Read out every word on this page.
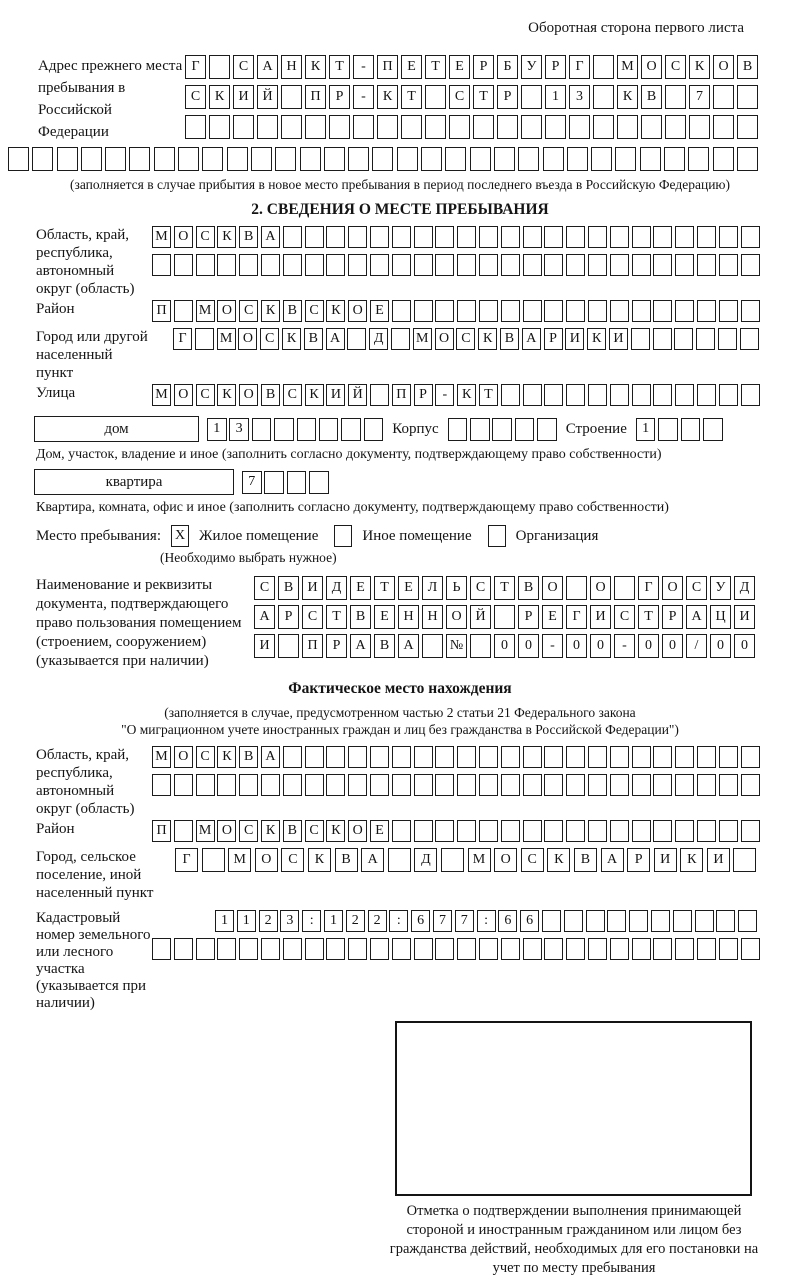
Оборотная сторона первого листа
Адрес прежнего места пребывания в Российской Федерации
Г	С	А Н	К	Т	-	П	Е	Т	Е	Р	Б	У	Р	Г	М О	С	К	О	В
С	К	И Й	П	Р	-	К	Т	С	Т	Р	1	3	К	В	7
(заполняется в случае прибытия в новое место пребывания в период последнего въезда в Российскую Федерацию)
2. СВЕДЕНИЯ О МЕСТЕ ПРЕБЫВАНИЯ
Область, край, республика, автономный округ (область)
М О С К В А
Район	П	М О С К В С К О Е
Город или другой населенный пункт
Г	М О С К В А	Д	М О С К В А Р И К И
Улица	М О С К О В С К И Й	П Р	-	К Т
дом	1	3	Корпус	Строение	1
Дом, участок, владение и иное (заполнить согласно документу, подтверждающему право собственности)
квартира	7
Квартира, комната, офис и иное (заполнить согласно документу, подтверждающему право собственности)
Место пребывания: X Жилое помещение	Иное помещение	Организация
(Необходимо выбрать нужное)
Наименование и реквизиты документа, подтверждающего право пользования помещением (строением, сооружением) (указывается при наличии)
С	В	И	Д	Е	Т	Е	Л	Ь	С	Т	В	О	О	Г	О	С	У	Д
А	Р	С	Т	В	Е	Н Н О Й	Р	Е	Г	И	С	Т	Р	А Ц И
И	П	Р	А	В	А	№	0	0	-	0	0	-	0	0	/	0	0
Фактическое место нахождения
(заполняется в случае, предусмотренном частью 2 статьи 21 Федерального закона
"О миграционном учете иностранных граждан и лиц без гражданства в Российской Федерации")
Область, край, республика, автономный округ (область)
М О С К В А
Район	П	М О С К В С К О Е
Город, сельское поселение, иной населенный пункт
Г	М	О	С	К	В	А	Д	М	О	С	К	В	А	Р	И	К	И
Кадастровый номер земельного или лесного участка (указывается при наличии)
1	1	2	3	:	1	2	2	:	6	7	7	:	6	6
Отметка о подтверждении выполнения принимающей стороной и иностранным гражданином или лицом без гражданства действий, необходимых для его постановки на учет по месту пребывания
